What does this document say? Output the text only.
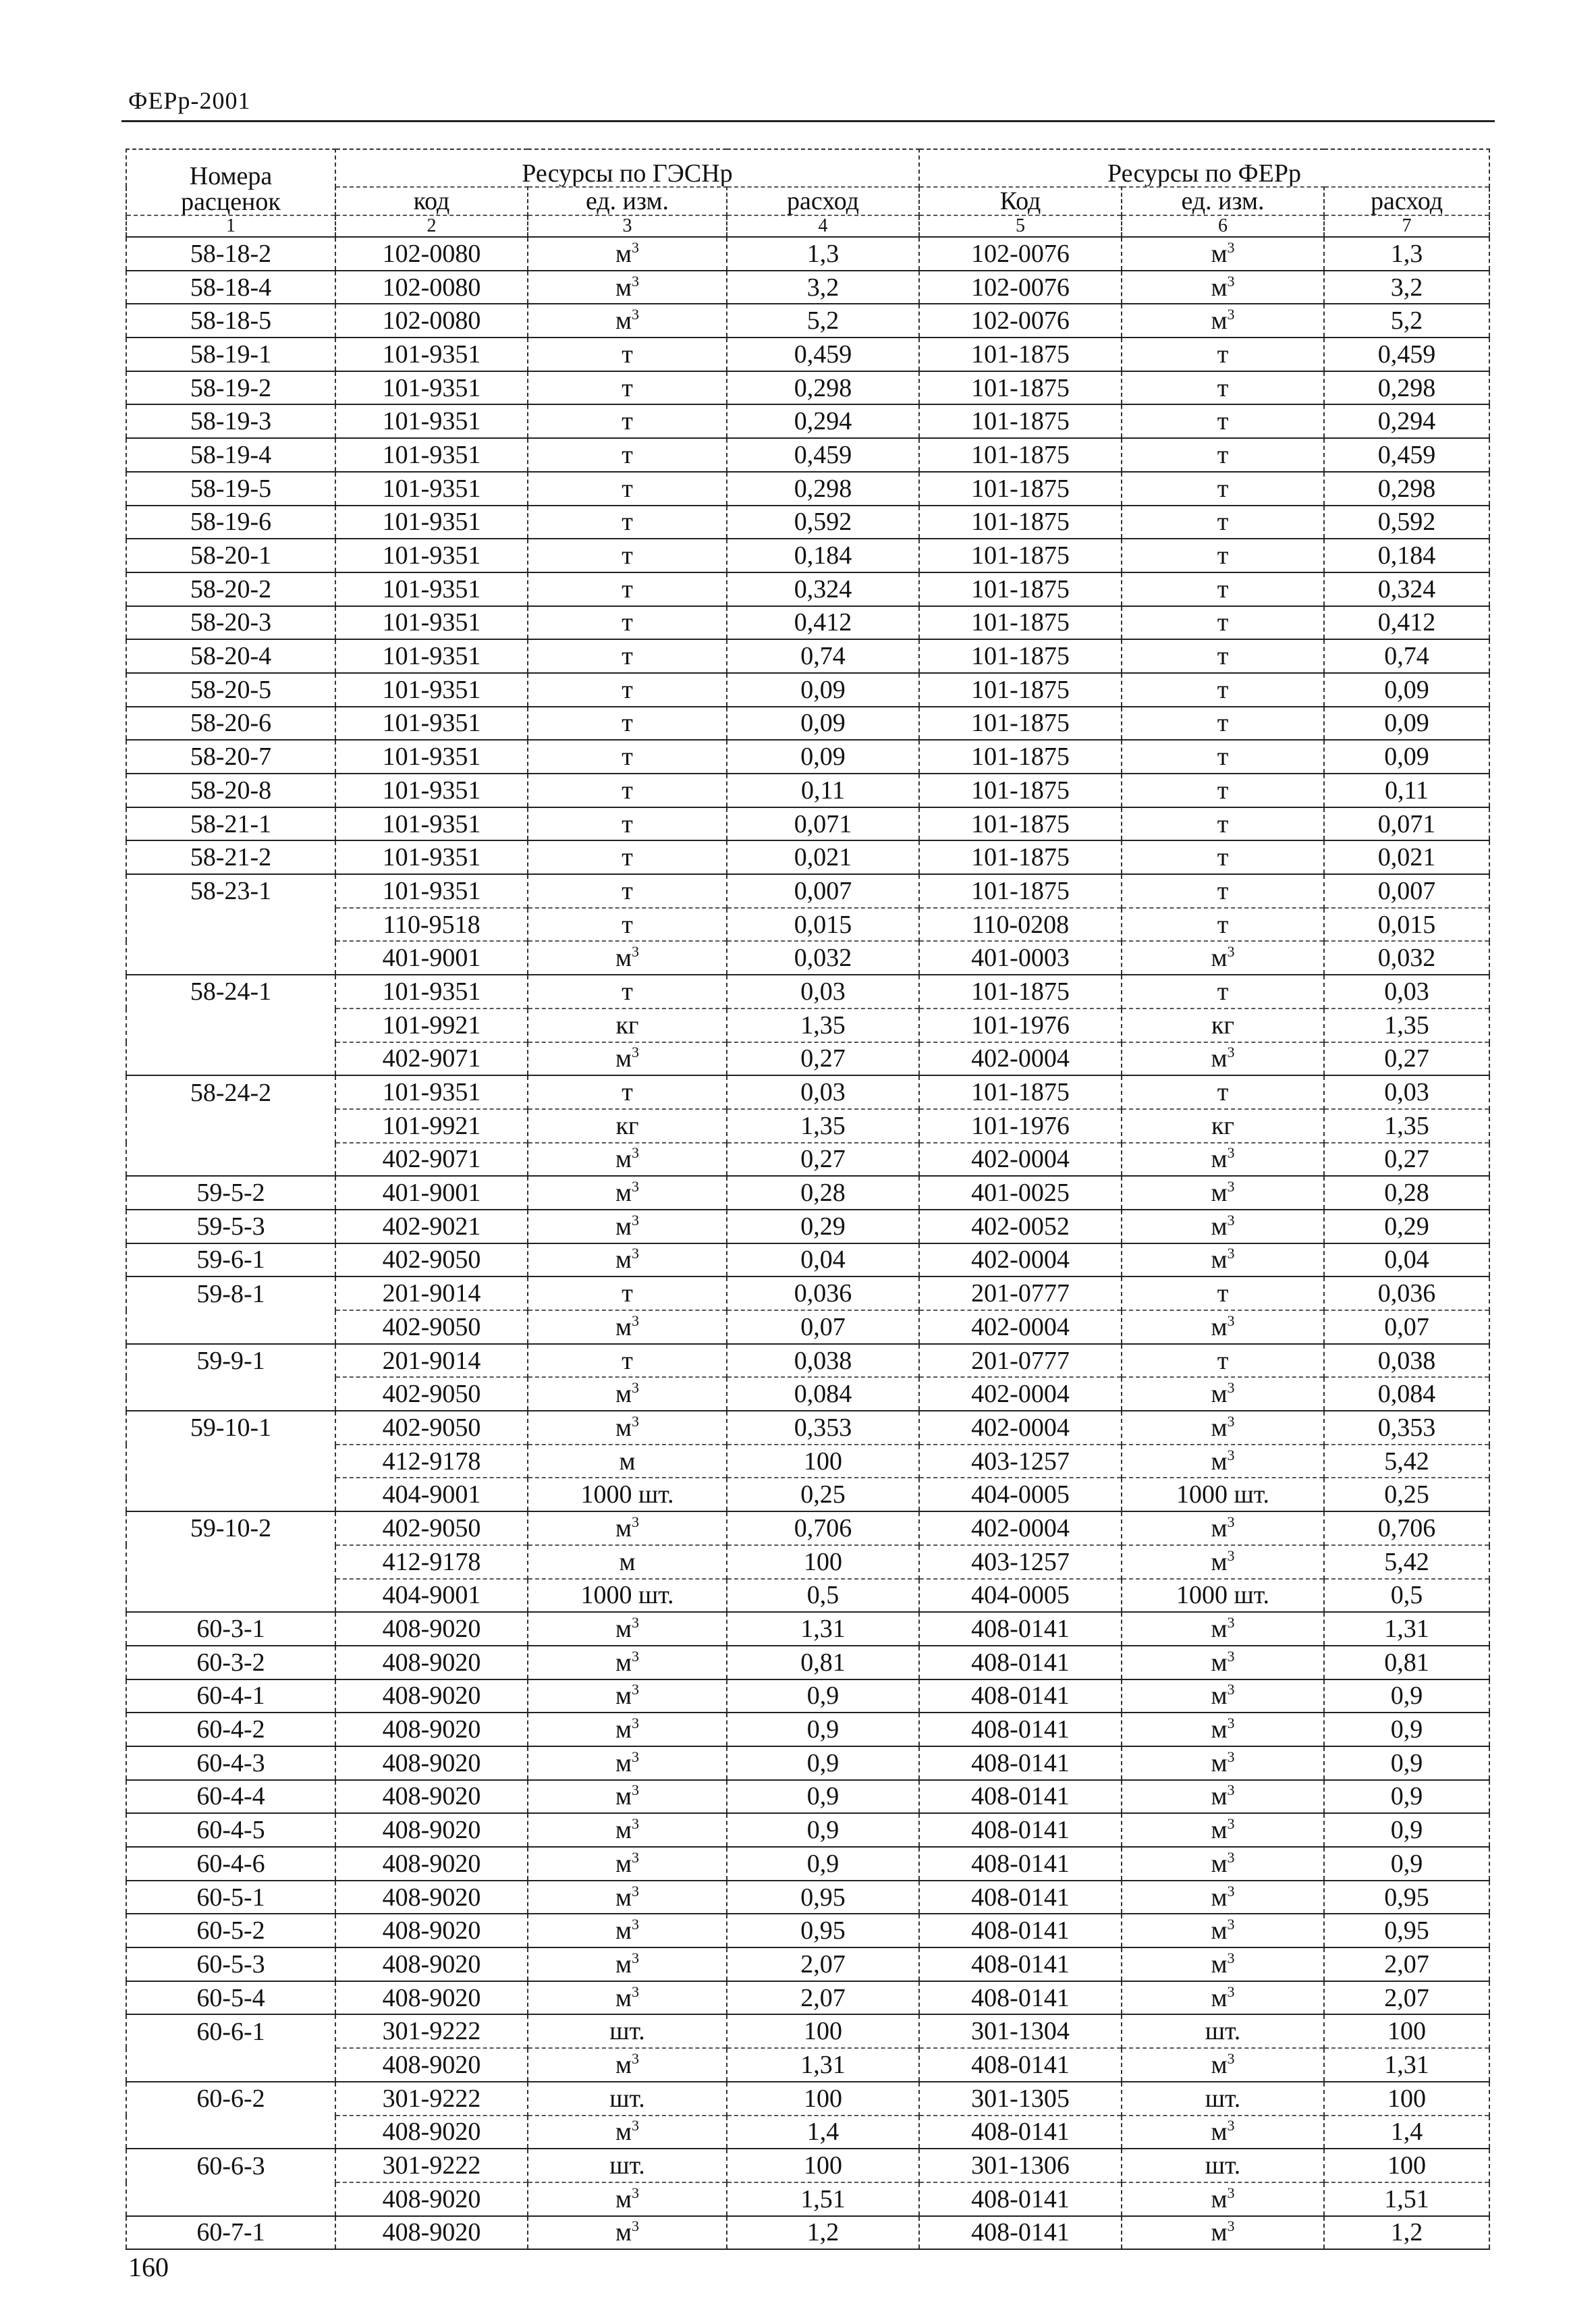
ФЕРр-2001
Номера
расценок	Ресурсы по ГЭСНр			Ресурсы по ФЕРр		
	код	ед. изм.	расход	Код	ед. изм.	расход
1	2	3	4	5	6	7
58-18-2	102-0080	$м^3$	1,3	102-0076	$м^3$	1,3
58-18-4	102-0080	$м^3$	3,2	102-0076	$м^3$	3,2
58-18-5	102-0080	$м^3$	5,2	102-0076	$м^3$	5,2
58-19-1	101-9351	т	0,459	101-1875	т	0,459
58-19-2	101-9351	т	0,298	101-1875	т	0,298
58-19-3	101-9351	т	0,294	101-1875	т	0,294
58-19-4	101-9351	т	0,459	101-1875	т	0,459
58-19-5	101-9351	т	0,298	101-1875	т	0,298
58-19-6	101-9351	т	0,592	101-1875	т	0,592
58-20-1	101-9351	т	0,184	101-1875	т	0,184
58-20-2	101-9351	т	0,324	101-1875	т	0,324
58-20-3	101-9351	т	0,412	101-1875	т	0,412
58-20-4	101-9351	т	0,74	101-1875	т	0,74
58-20-5	101-9351	т	0,09	101-1875	т	0,09
58-20-6	101-9351	т	0,09	101-1875	т	0,09
58-20-7	101-9351	т	0,09	101-1875	т	0,09
58-20-8	101-9351	т	0,11	101-1875	т	0,11
58-21-1	101-9351	т	0,071	101-1875	т	0,071
58-21-2	101-9351	т	0,021	101-1875	т	0,021
58-23-1	101-9351	т	0,007	101-1875	т	0,007
	110-9518	т	0,015	110-0208	т	0,015
	401-9001	$м^3$	0,032	401-0003	$м^3$	0,032
58-24-1	101-9351	т	0,03	101-1875	т	0,03
	101-9921	кг	1,35	101-1976	кг	1,35
	402-9071	$м^3$	0,27	402-0004	$м^3$	0,27
58-24-2	101-9351	т	0,03	101-1875	т	0,03
	101-9921	кг	1,35	101-1976	кг	1,35
	402-9071	$м^3$	0,27	402-0004	$м^3$	0,27
59-5-2	401-9001	$м^3$	0,28	401-0025	$м^3$	0,28
59-5-3	402-9021	$м^3$	0,29	402-0052	$м^3$	0,29
59-6-1	402-9050	$м^3$	0,04	402-0004	$м^3$	0,04
59-8-1	201-9014	т	0,036	201-0777	т	0,036
	402-9050	$м^3$	0,07	402-0004	$м^3$	0,07
59-9-1	201-9014	т	0,038	201-0777	т	0,038
	402-9050	$м^3$	0,084	402-0004	$м^3$	0,084
59-10-1	402-9050	$м^3$	0,353	402-0004	$м^3$	0,353
	412-9178	м	100	403-1257	$м^3$	5,42
	404-9001	1000 шт.	0,25	404-0005	1000 шт.	0,25
59-10-2	402-9050	$м^3$	0,706	402-0004	$м^3$	0,706
	412-9178	м	100	403-1257	$м^3$	5,42
	404-9001	1000 шт.	0,5	404-0005	1000 шт.	0,5
60-3-1	408-9020	$м^3$	1,31	408-0141	$м^3$	1,31
60-3-2	408-9020	$м^3$	0,81	408-0141	$м^3$	0,81
60-4-1	408-9020	$м^3$	0,9	408-0141	$м^3$	0,9
60-4-2	408-9020	$м^3$	0,9	408-0141	$м^3$	0,9
60-4-3	408-9020	$м^3$	0,9	408-0141	$м^3$	0,9
60-4-4	408-9020	$м^3$	0,9	408-0141	$м^3$	0,9
60-4-5	408-9020	$м^3$	0,9	408-0141	$м^3$	0,9
60-4-6	408-9020	$м^3$	0,9	408-0141	$м^3$	0,9
60-5-1	408-9020	$м^3$	0,95	408-0141	$м^3$	0,95
60-5-2	408-9020	$м^3$	0,95	408-0141	$м^3$	0,95
60-5-3	408-9020	$м^3$	2,07	408-0141	$м^3$	2,07
60-5-4	408-9020	$м^3$	2,07	408-0141	$м^3$	2,07
60-6-1	301-9222	шт.	100	301-1304	шт.	100
	408-9020	$м^3$	1,31	408-0141	$м^3$	1,31
60-6-2	301-9222	шт.	100	301-1305	шт.	100
	408-9020	$м^3$	1,4	408-0141	$м^3$	1,4
60-6-3	301-9222	шт.	100	301-1306	шт.	100
	408-9020	$м^3$	1,51	408-0141	$м^3$	1,51
60-7-1	408-9020	$м^3$	1,2	408-0141	$м^3$	1,2
160
